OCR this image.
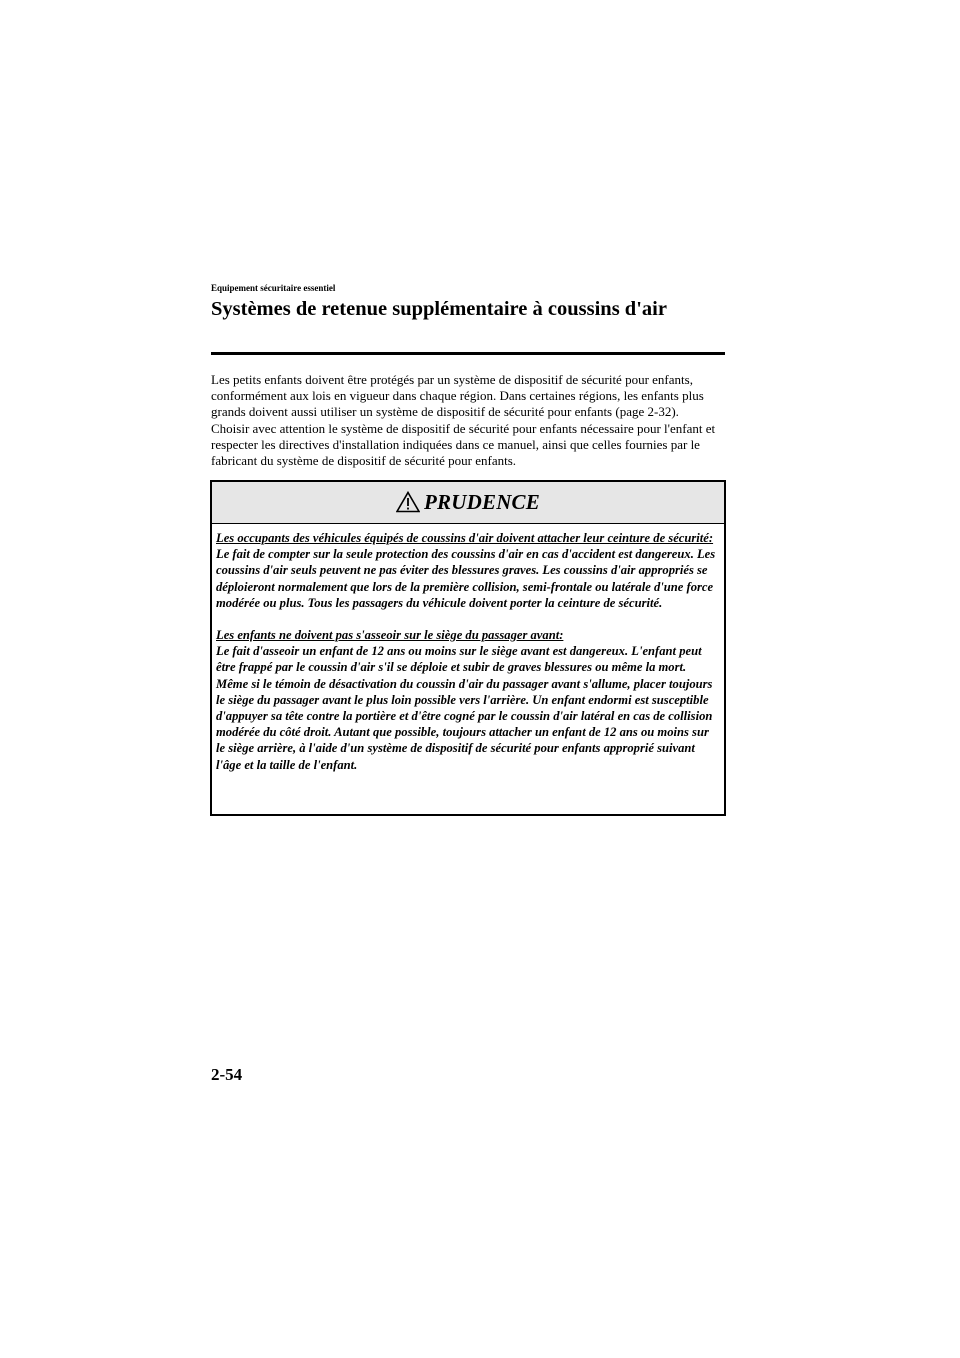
Equipement sécuritaire essentiel
Systèmes de retenue supplémentaire à coussins d'air

Les petits enfants doivent être protégés par un système de dispositif de sécurité pour enfants, conformément aux lois en vigueur dans chaque région. Dans certaines régions, les enfants plus grands doivent aussi utiliser un système de dispositif de sécurité pour enfants (page 2-32).

Choisir avec attention le système de dispositif de sécurité pour enfants nécessaire pour l'enfant et respecter les directives d'installation indiquées dans ce manuel, ainsi que celles fournies par le fabricant du système de dispositif de sécurité pour enfants.

PRUDENCE
Les occupants des véhicules équipés de coussins d'air doivent attacher leur ceinture de sécurité:
Le fait de compter sur la seule protection des coussins d'air en cas d'accident est dangereux. Les coussins d'air seuls peuvent ne pas éviter des blessures graves. Les coussins d'air appropriés se déploieront normalement que lors de la première collision, semi-frontale ou latérale d'une force modérée ou plus. Tous les passagers du véhicule doivent porter la ceinture de sécurité.
Les enfants ne doivent pas s'asseoir sur le siège du passager avant:
Le fait d'asseoir un enfant de 12 ans ou moins sur le siège avant est dangereux. L'enfant peut être frappé par le coussin d'air s'il se déploie et subir de graves blessures ou même la mort. Même si le témoin de désactivation du coussin d'air du passager avant s'allume, placer toujours le siège du passager avant le plus loin possible vers l'arrière. Un enfant endormi est susceptible d'appuyer sa tête contre la portière et d'être cogné par le coussin d'air latéral en cas de collision modérée du côté droit. Autant que possible, toujours attacher un enfant de 12 ans ou moins sur le siège arrière, à l'aide d'un système de dispositif de sécurité pour enfants approprié suivant l'âge et la taille de l'enfant.
2-54
